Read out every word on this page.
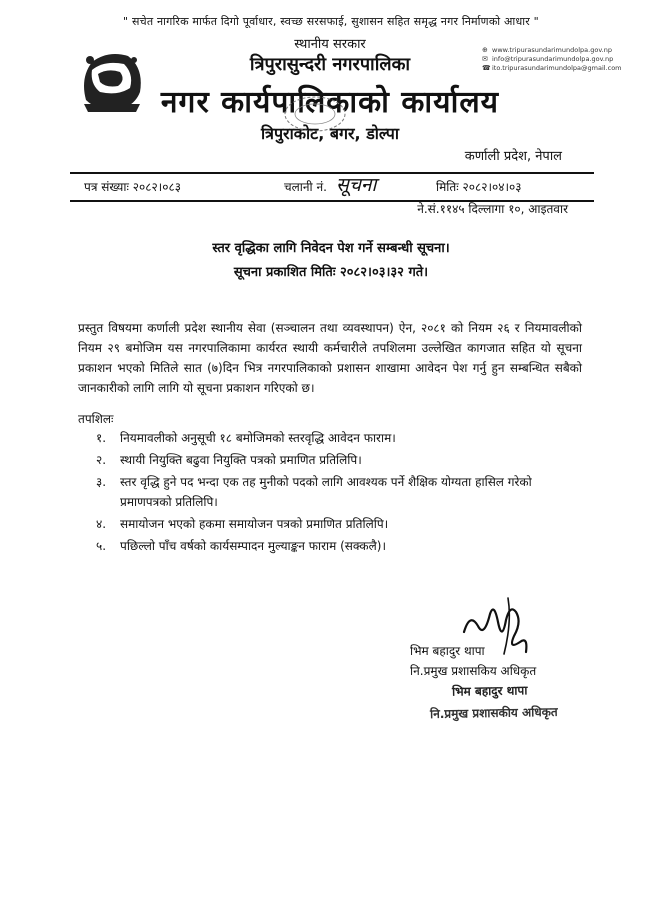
" सचेत नागरिक मार्फत दिगो पूर्वाधार, स्वच्छ सरसफाई, सुशासन सहित समृद्ध नगर निर्माणको आधार "
स्थानीय सरकार
त्रिपुरासुन्दरी नगरपालिका
नगर कार्यपालिकाको कार्यालय
त्रिपुराकोट, बगर, डोल्पा
कर्णाली प्रदेश, नेपाल
⊕
✉
☎
www.tripurasundarimundolpa.gov.np
info@tripurasundarimundolpa.gov.np
ito.tripurasundarimundolpa@gmail.com
पत्र संख्याः २०८२।०८३	चलानी नं. सूचना	मितिः २०८२।०४।०३
ने.सं.११४५ दिल्लागा १०, आइतवार
स्तर वृद्धिका लागि निवेदन पेश गर्ने सम्बन्धी सूचना।
सूचना प्रकाशित मितिः २०८२।०३।३२ गते।
प्रस्तुत विषयमा कर्णाली प्रदेश स्थानीय सेवा (सञ्चालन तथा व्यवस्थापन) ऐन, २०८१ को नियम २६ र नियमावलीको नियम २९ बमोजिम यस नगरपालिकामा कार्यरत स्थायी कर्मचारीले तपशिलमा उल्लेखित कागजात सहित यो सूचना प्रकाशन भएको मितिले सात (७)दिन भित्र नगरपालिकाको प्रशासन शाखामा आवेदन पेश गर्नु हुन सम्बन्धित सबैको जानकारीको लागि लागि यो सूचना प्रकाशन गरिएको छ।
तपशिलः
१. नियमावलीको अनुसूची १८ बमोजिमको स्तरवृद्धि आवेदन फाराम।
२. स्थायी नियुक्ति बढुवा नियुक्ति पत्रको प्रमाणित प्रतिलिपि।
३. स्तर वृद्धि हुने पद भन्दा एक तह मुनीको पदको लागि आवश्यक पर्ने शैक्षिक योग्यता हासिल गरेको प्रमाणपत्रको प्रतिलिपि।
४. समायोजन भएको हकमा समायोजन पत्रको प्रमाणित प्रतिलिपि।
५. पछिल्लो पाँच वर्षको कार्यसम्पादन मुल्याङ्कन फाराम (सक्कलै)।
भिम बहादुर थापा
नि.प्रमुख प्रशासकिय अधिकृत
भिम बहादुर थापा
नि.प्रमुख प्रशासकीय अधिकृत
